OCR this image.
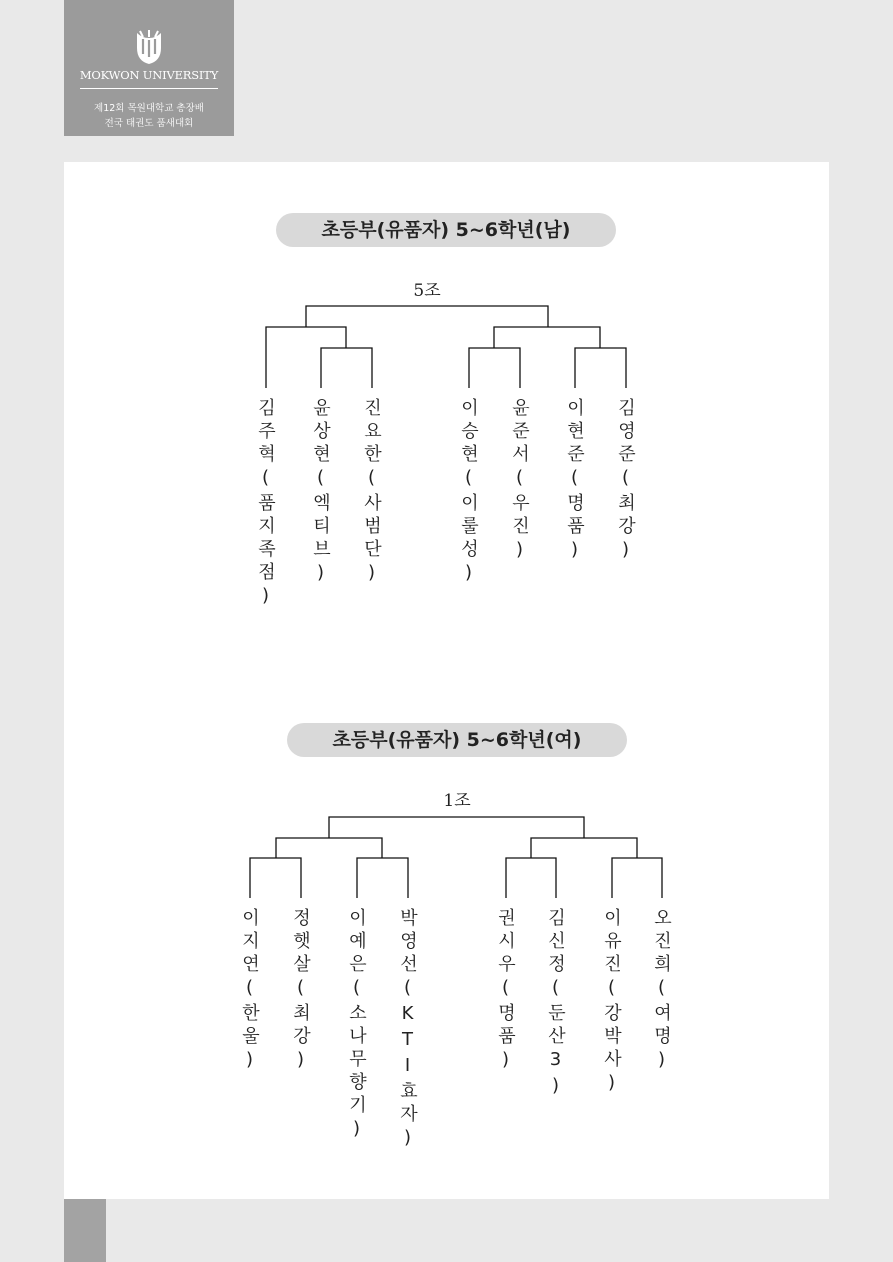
MOKWON UNIVERSITY
제12회 목원대학교 총장배
전국 태권도 품새대회
초등부(유품자) 5~6학년(남)
5조
김주혁(품지족점) 윤상현(엑티브) 진요한(사범단)	이승현(이룰성) 윤준서(우진) 이현준(명품) 김영준(최강)
초등부(유품자) 5~6학년(여)
1조
이지연(한울) 정햇살(최강) 이예은(소나무향기) 박영선(KTI효자)	권시우(명품) 김신정(둔산3) 이유진(강박사) 오진희(여명)
